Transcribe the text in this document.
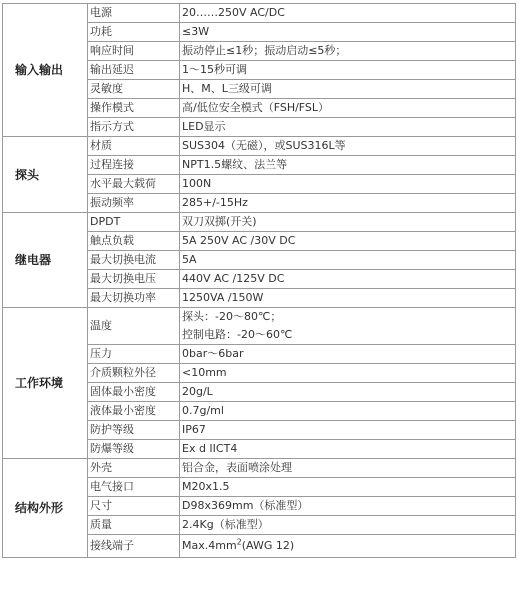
输入输出	电源	20……250V AC/DC
	功耗	≤3W
	响应时间	振动停止≤1秒；振动启动≤5秒；
	输出延迟	1～15秒可调
	灵敏度	H、M、L三级可调
	操作模式	高/低位安全模式（FSH/FSL）
	指示方式	LED显示
探头	材质	SUS304（无磁），或SUS316L等
	过程连接	NPT1.5螺纹、法兰等
	水平最大载荷	100N
	振动频率	285+/-15Hz
继电器	DPDT	双刀双掷(开关)
	触点负载	5A 250V AC /30V DC
	最大切换电流	5A
	最大切换电压	440V AC /125V DC
	最大切换功率	1250VA /150W
工作环境	温度	探头：-20～80℃；
控制电路：-20～60℃

	压力	0bar～6bar
	介质颗粒外径	<10mm
	固体最小密度	20g/L
	液体最小密度	0.7g/ml
	防护等级	IP67
	防爆等级	Ex d IICT4
结构外形	外壳	铝合金，表面喷涂处理
	电气接口	M20x1.5
	尺寸	D98x369mm（标准型）
	质量	2.4Kg（标准型）
	接线端子	$Max.4mm^2(AWG$ 12)
